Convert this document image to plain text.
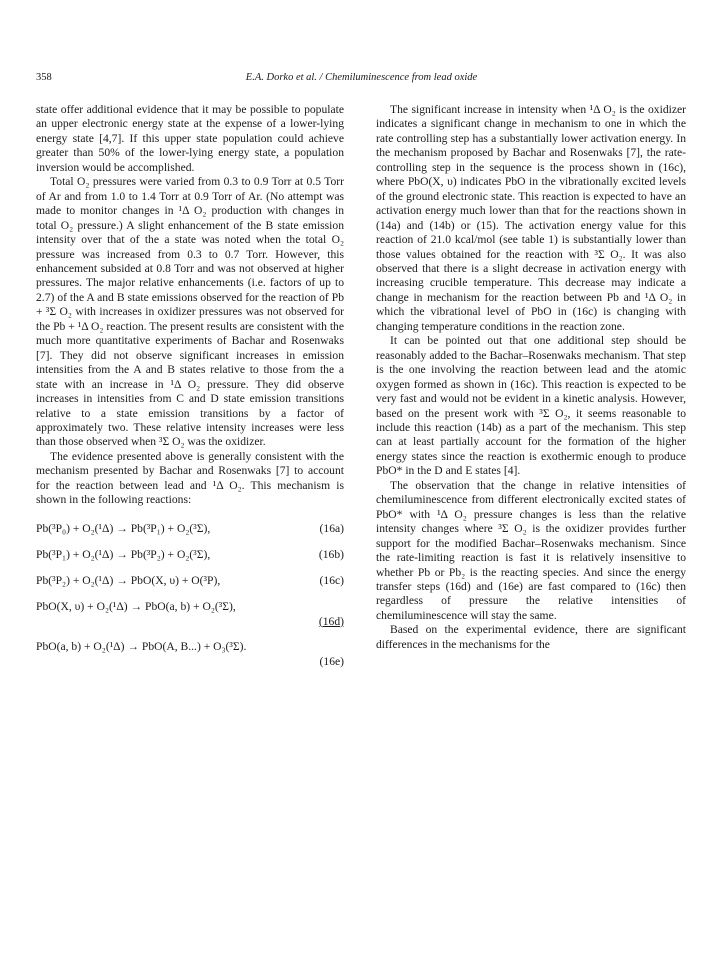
358	E.A. Dorko et al. / Chemiluminescence from lead oxide

state offer additional evidence that it may be possible to populate an upper electronic energy state at the expense of a lower-lying energy state [4,7]. If this upper state population could achieve greater than 50% of the lower-lying energy state, a population inversion would be accomplished.

Total O₂ pressures were varied from 0.3 to 0.9 Torr at 0.5 Torr of Ar and from 1.0 to 1.4 Torr at 0.9 Torr of Ar. (No attempt was made to monitor changes in ¹Δ O₂ production with changes in total O₂ pressure.) A slight enhancement of the B state emission intensity over that of the a state was noted when the total O₂ pressure was increased from 0.3 to 0.7 Torr. However, this enhancement subsided at 0.8 Torr and was not observed at higher pressures. The major relative enhancements (i.e. factors of up to 2.7) of the A and B state emissions observed for the reaction of Pb + ³Σ O₂ with increases in oxidizer pressures was not observed for the Pb + ¹Δ O₂ reaction. The present results are consistent with the much more quantitative experiments of Bachar and Rosenwaks [7]. They did not observe significant increases in emission intensities from the A and B states relative to those from the a state with an increase in ¹Δ O₂ pressure. They did observe increases in intensities from C and D state emission transitions relative to a state emission transitions by a factor of approximately two. These relative intensity increases were less than those observed when ³Σ O₂ was the oxidizer.

The evidence presented above is generally consistent with the mechanism presented by Bachar and Rosenwaks [7] to account for the reaction between lead and ¹Δ O₂. This mechanism is shown in the following reactions:

Pb(³P₀) + O₂(¹Δ) → Pb(³P₁) + O₂(³Σ),	(16a)
Pb(³P₁) + O₂(¹Δ) → Pb(³P₂) + O₂(³Σ),	(16b)
Pb(³P₂) + O₂(¹Δ) → PbO(X, υ) + O(³P),	(16c)
PbO(X, υ) + O₂(¹Δ) → PbO(a, b) + O₂(³Σ),
(16d)
PbO(a, b) + O₂(¹Δ) → PbO(A, B...) + O₃(³Σ).
(16e)

The significant increase in intensity when ¹Δ O₂ is the oxidizer indicates a significant change in mechanism to one in which the rate controlling step has a substantially lower activation energy. In the mechanism proposed by Bachar and Rosenwaks [7], the rate-controlling step in the sequence is the process shown in (16c), where PbO(X, υ) indicates PbO in the vibrationally excited levels of the ground electronic state. This reaction is expected to have an activation energy much lower than that for the reactions shown in (14a) and (14b) or (15). The activation energy value for this reaction of 21.0 kcal/mol (see table 1) is substantially lower than those values obtained for the reaction with ³Σ O₂. It was also observed that there is a slight decrease in activation energy with increasing crucible temperature. This decrease may indicate a change in mechanism for the reaction between Pb and ¹Δ O₂ in which the vibrational level of PbO in (16c) is changing with changing temperature conditions in the reaction zone.

It can be pointed out that one additional step should be reasonably added to the Bachar–Rosenwaks mechanism. That step is the one involving the reaction between lead and the atomic oxygen formed as shown in (16c). This reaction is expected to be very fast and would not be evident in a kinetic analysis. However, based on the present work with ³Σ O₂, it seems reasonable to include this reaction (14b) as a part of the mechanism. This step can at least partially account for the formation of the higher energy states since the reaction is exothermic enough to produce PbO* in the D and E states [4].

The observation that the change in relative intensities of chemiluminescence from different electronically excited states of PbO* with ¹Δ O₂ pressure changes is less than the relative intensity changes where ³Σ O₂ is the oxidizer provides further support for the modified Bachar–Rosenwaks mechanism. Since the rate-limiting reaction is fast it is relatively insensitive to whether Pb or Pb₂ is the reacting species. And since the energy transfer steps (16d) and (16e) are fast compared to (16c) then regardless of pressure the relative intensities of chemiluminescence will stay the same.

Based on the experimental evidence, there are significant differences in the mechanisms for the
